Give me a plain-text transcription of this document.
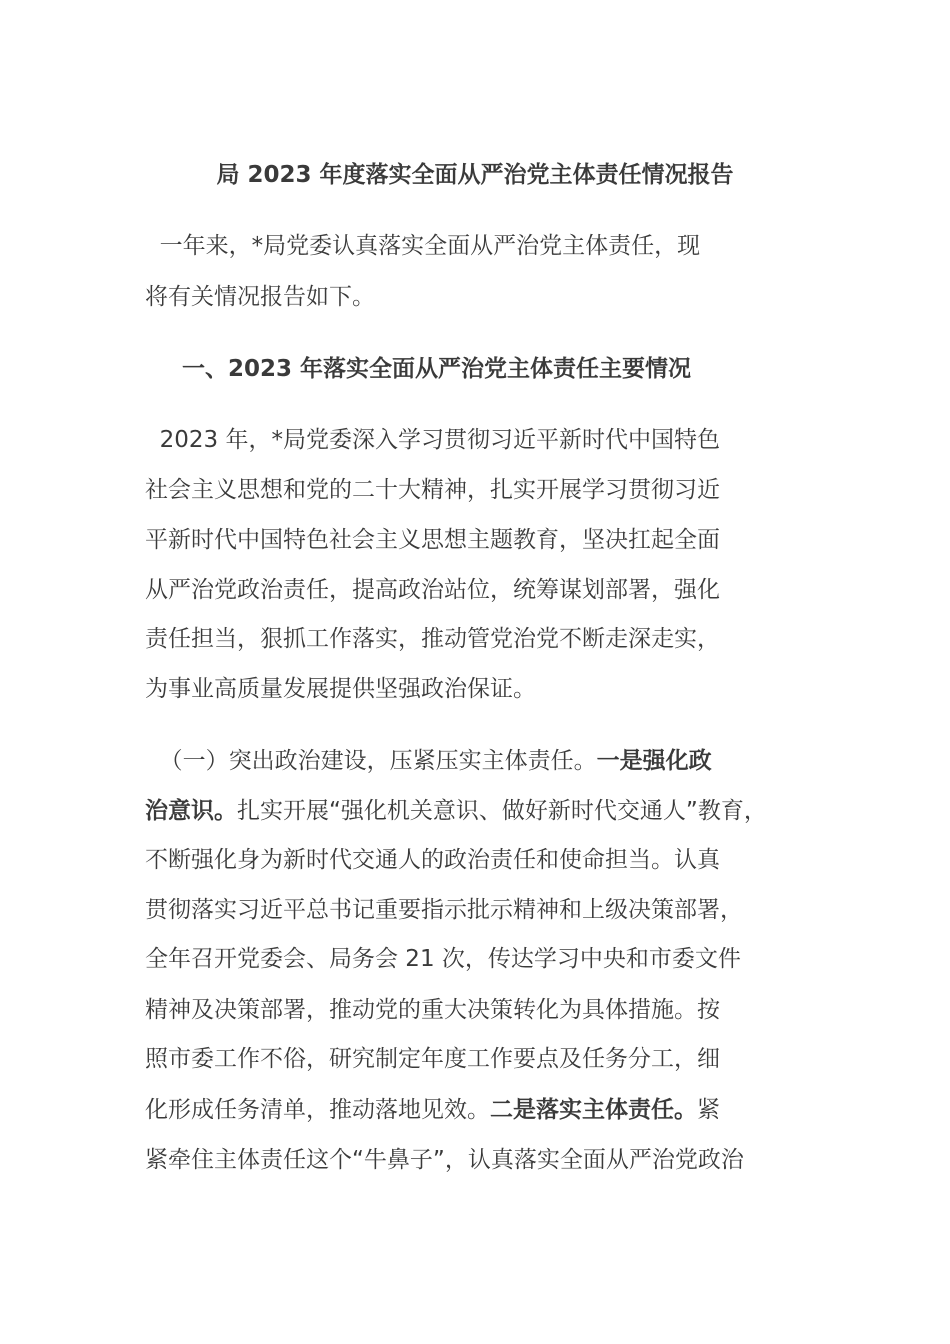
局 2023 年度落实全面从严治党主体责任情况报告
一年来，*局党委认真落实全面从严治党主体责任，现
将有关情况报告如下。
一、2023 年落实全面从严治党主体责任主要情况
2023 年，*局党委深入学习贯彻习近平新时代中国特色
社会主义思想和党的二十大精神，扎实开展学习贯彻习近
平新时代中国特色社会主义思想主题教育，坚决扛起全面
从严治党政治责任，提高政治站位，统筹谋划部署，强化
责任担当，狠抓工作落实，推动管党治党不断走深走实，
为事业高质量发展提供坚强政治保证。
（一）突出政治建设，压紧压实主体责任。一是强化政
治意识。扎实开展“强化机关意识、做好新时代交通人”教育，
不断强化身为新时代交通人的政治责任和使命担当。认真
贯彻落实习近平总书记重要指示批示精神和上级决策部署，
全年召开党委会、局务会 21 次，传达学习中央和市委文件
精神及决策部署，推动党的重大决策转化为具体措施。按
照市委工作不俗，研究制定年度工作要点及任务分工，细
化形成任务清单，推动落地见效。二是落实主体责任。紧
紧牵住主体责任这个“牛鼻子”，认真落实全面从严治党政治
